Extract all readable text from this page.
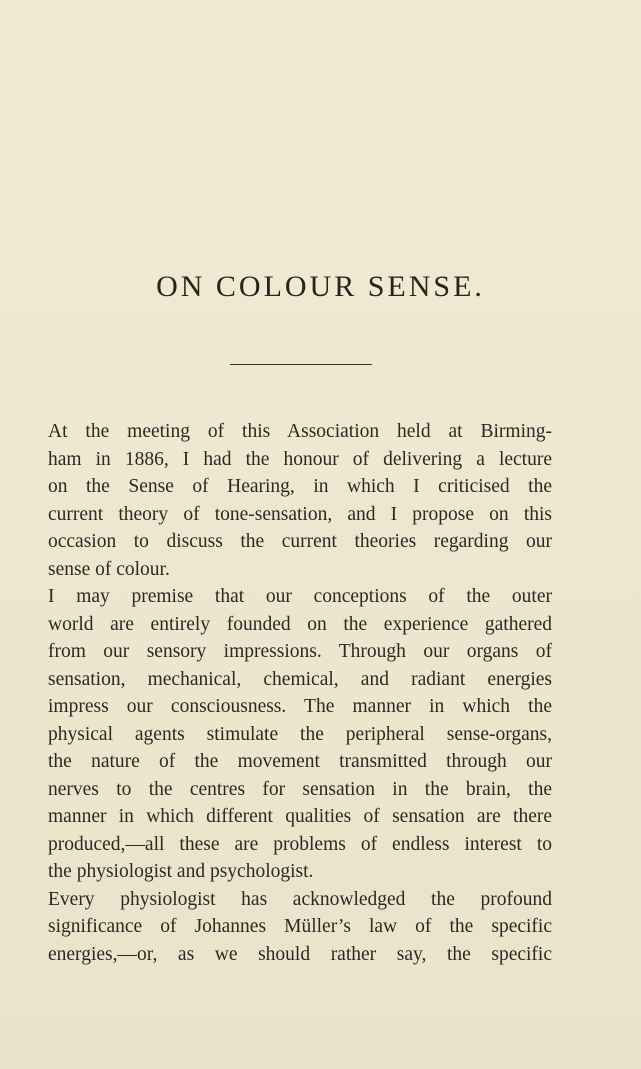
ON COLOUR SENSE.

At the meeting of this Association held at Birming-

ham in 1886, I had the honour of delivering a lecture

on the Sense of Hearing, in which I criticised the

current theory of tone-sensation, and I propose on this

occasion to discuss the current theories regarding our

sense of colour.

I may premise that our conceptions of the outer

world are entirely founded on the experience gathered

from our sensory impressions. Through our organs of

sensation, mechanical, chemical, and radiant energies

impress our consciousness. The manner in which the

physical agents stimulate the peripheral sense-organs,

the nature of the movement transmitted through our

nerves to the centres for sensation in the brain, the

manner in which different qualities of sensation are there

produced,—all these are problems of endless interest to

the physiologist and psychologist.

Every physiologist has acknowledged the profound

significance of Johannes Müller’s law of the specific

energies,—or, as we should rather say, the specific
